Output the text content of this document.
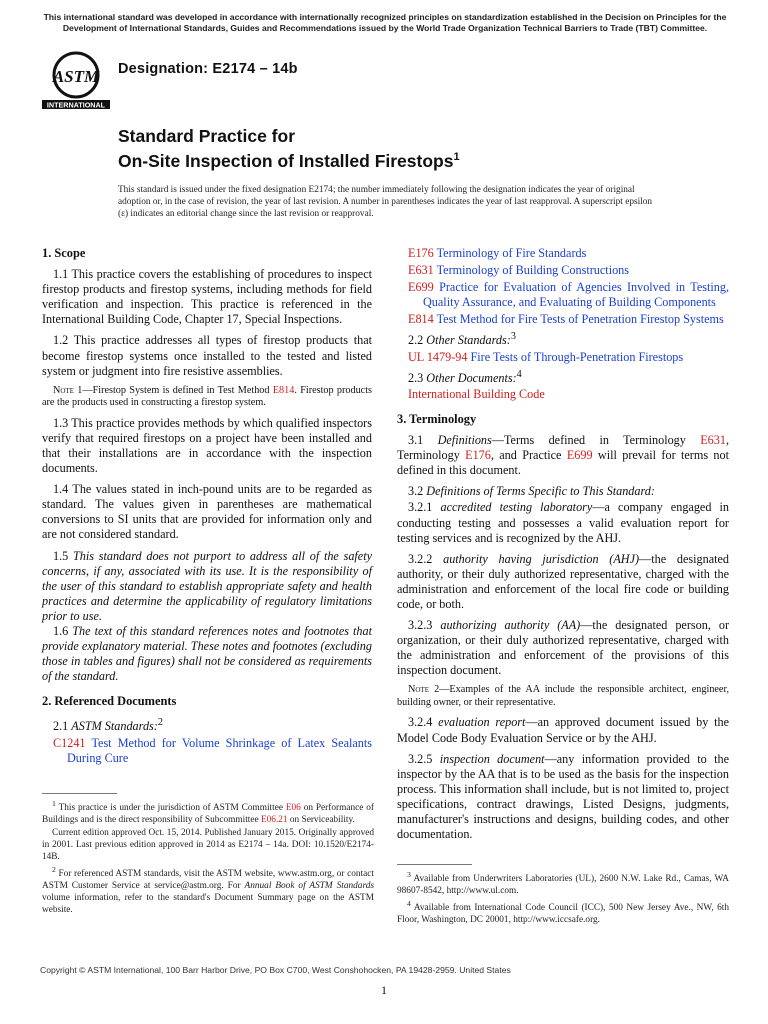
This international standard was developed in accordance with internationally recognized principles on standardization established in the Decision on Principles for the Development of International Standards, Guides and Recommendations issued by the World Trade Organization Technical Barriers to Trade (TBT) Committee.
ASTM
INTERNATIONAL
Designation: E2174 – 14b
Standard Practice for
On-Site Inspection of Installed Firestops$^1$
This standard is issued under the fixed designation E2174; the number immediately following the designation indicates the year of original adoption or, in the case of revision, the year of last revision. A number in parentheses indicates the year of last reapproval. A superscript epsilon (ε) indicates an editorial change since the last revision or reapproval.
1. Scope

1.1 This practice covers the establishing of procedures to inspect firestop products and firestop systems, including methods for field verification and inspection. This practice is referenced in the International Building Code, Chapter 17, Special Inspections.

1.2 This practice addresses all types of firestop products that become firestop systems once installed to the tested and listed system or judgment into fire resistive assemblies.

Note 1—Firestop System is defined in Test Method E814. Firestop products are the products used in constructing a firestop system.

1.3 This practice provides methods by which qualified inspectors verify that required firestops on a project have been installed and that their installations are in accordance with the inspection documents.

1.4 The values stated in inch-pound units are to be regarded as standard. The values given in parentheses are mathematical conversions to SI units that are provided for information only and are not considered standard.

1.5 This standard does not purport to address all of the safety concerns, if any, associated with its use. It is the responsibility of the user of this standard to establish appropriate safety and health practices and determine the applicability of regulatory limitations prior to use.

1.6 The text of this standard references notes and footnotes that provide explanatory material. These notes and footnotes (excluding those in tables and figures) shall not be considered as requirements of the standard.

2. Referenced Documents

2.1 ASTM Standards:$^2$

C1241 Test Method for Volume Shrinkage of Latex Sealants During Cure
E176 Terminology of Fire Standards
E631 Terminology of Building Constructions
E699 Practice for Evaluation of Agencies Involved in Testing, Quality Assurance, and Evaluating of Building Components
E814 Test Method for Fire Tests of Penetration Firestop Systems

2.2 Other Standards:$^3$

UL 1479-94 Fire Tests of Through-Penetration Firestops

2.3 Other Documents:$^4$

International Building Code
3. Terminology

3.1 Definitions—Terms defined in Terminology E631, Terminology E176, and Practice E699 will prevail for terms not defined in this document.

3.2 Definitions of Terms Specific to This Standard:

3.2.1 accredited testing laboratory—a company engaged in conducting testing and possesses a valid evaluation report for testing services and is recognized by the AHJ.

3.2.2 authority having jurisdiction (AHJ)—the designated authority, or their duly authorized representative, charged with the administration and enforcement of the local fire code or building code, or both.

3.2.3 authorizing authority (AA)—the designated person, or organization, or their duly authorized representative, charged with the administration and enforcement of the provisions of this inspection document.

Note 2—Examples of the AA include the responsible architect, engineer, building owner, or their representative.

3.2.4 evaluation report—an approved document issued by the Model Code Body Evaluation Service or by the AHJ.

3.2.5 inspection document—any information provided to the inspector by the AA that is to be used as the basis for the inspection process. This information shall include, but is not limited to, project specifications, contract drawings, Listed Designs, judgments, manufacturer's instructions and designs, building codes, and other documentation.

$^1$ This practice is under the jurisdiction of ASTM Committee E06 on Performance of Buildings and is the direct responsibility of Subcommittee E06.21 on Serviceability.

Current edition approved Oct. 15, 2014. Published January 2015. Originally approved in 2001. Last previous edition approved in 2014 as E2174 – 14a. DOI: 10.1520/E2174-14B.

$^2$ For referenced ASTM standards, visit the ASTM website, www.astm.org, or contact ASTM Customer Service at service@astm.org. For Annual Book of ASTM Standards volume information, refer to the standard's Document Summary page on the ASTM website.

$^3$ Available from Underwriters Laboratories (UL), 2600 N.W. Lake Rd., Camas, WA 98607-8542, http://www.ul.com.

$^4$ Available from International Code Council (ICC), 500 New Jersey Ave., NW, 6th Floor, Washington, DC 20001, http://www.iccsafe.org.

Copyright © ASTM International, 100 Barr Harbor Drive, PO Box C700, West Conshohocken, PA 19428-2959. United States
1
